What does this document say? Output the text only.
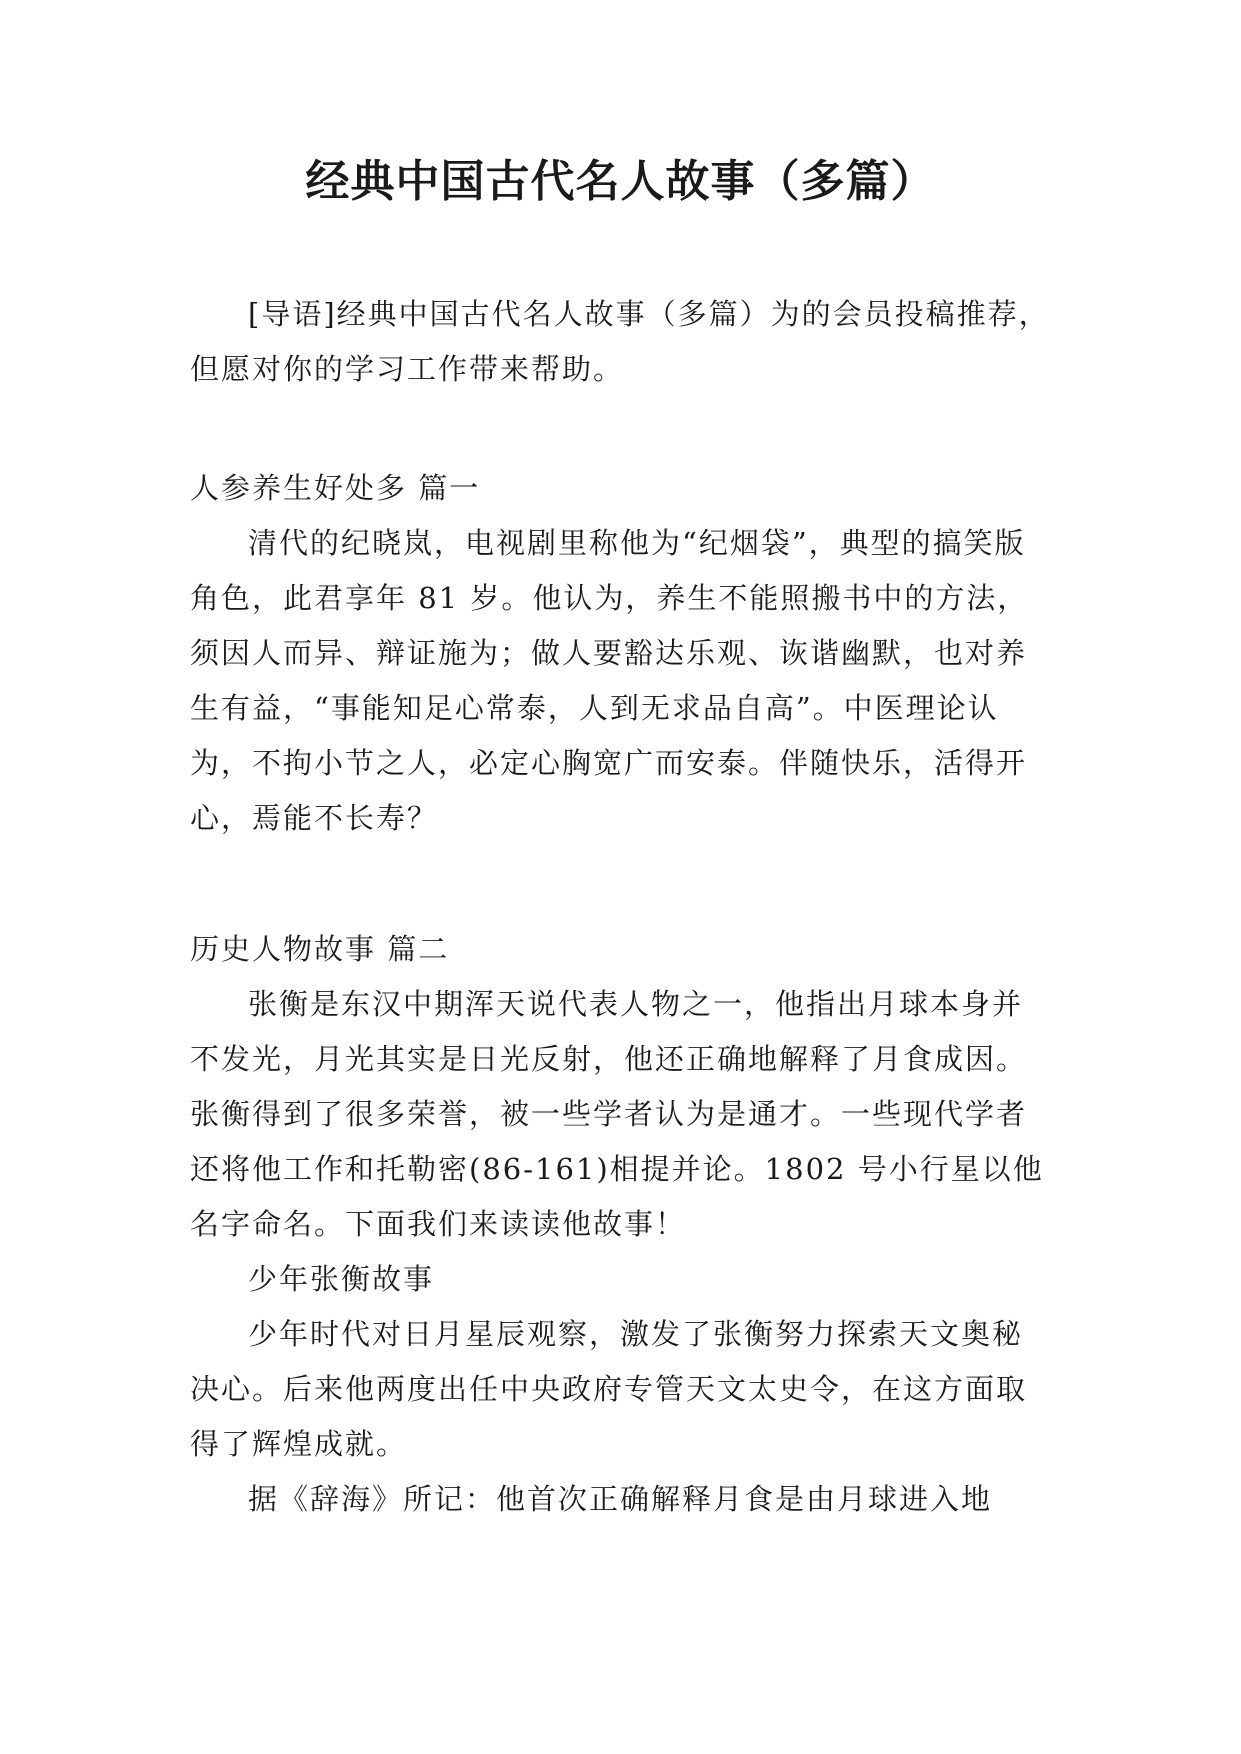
经典中国古代名人故事（多篇）

[导语]经典中国古代名人故事（多篇）为的会员投稿推荐，但愿对你的学习工作带来帮助。

人参养生好处多 篇一

清代的纪晓岚，电视剧里称他为“纪烟袋”，典型的搞笑版角色，此君享年 81 岁。他认为，养生不能照搬书中的方法，须因人而异、辩证施为；做人要豁达乐观、诙谐幽默，也对养生有益，“事能知足心常泰，人到无求品自高”。中医理论认为，不拘小节之人，必定心胸宽广而安泰。伴随快乐，活得开心，焉能不长寿？

历史人物故事 篇二

张衡是东汉中期浑天说代表人物之一，他指出月球本身并不发光，月光其实是日光反射，他还正确地解释了月食成因。张衡得到了很多荣誉，被一些学者认为是通才。一些现代学者还将他工作和托勒密(86-161)相提并论。1802 号小行星以他名字命名。下面我们来读读他故事！

少年张衡故事

少年时代对日月星辰观察，激发了张衡努力探索天文奥秘决心。后来他两度出任中央政府专管天文太史令，在这方面取得了辉煌成就。

据《辞海》所记：他首次正确解释月食是由月球进入地
